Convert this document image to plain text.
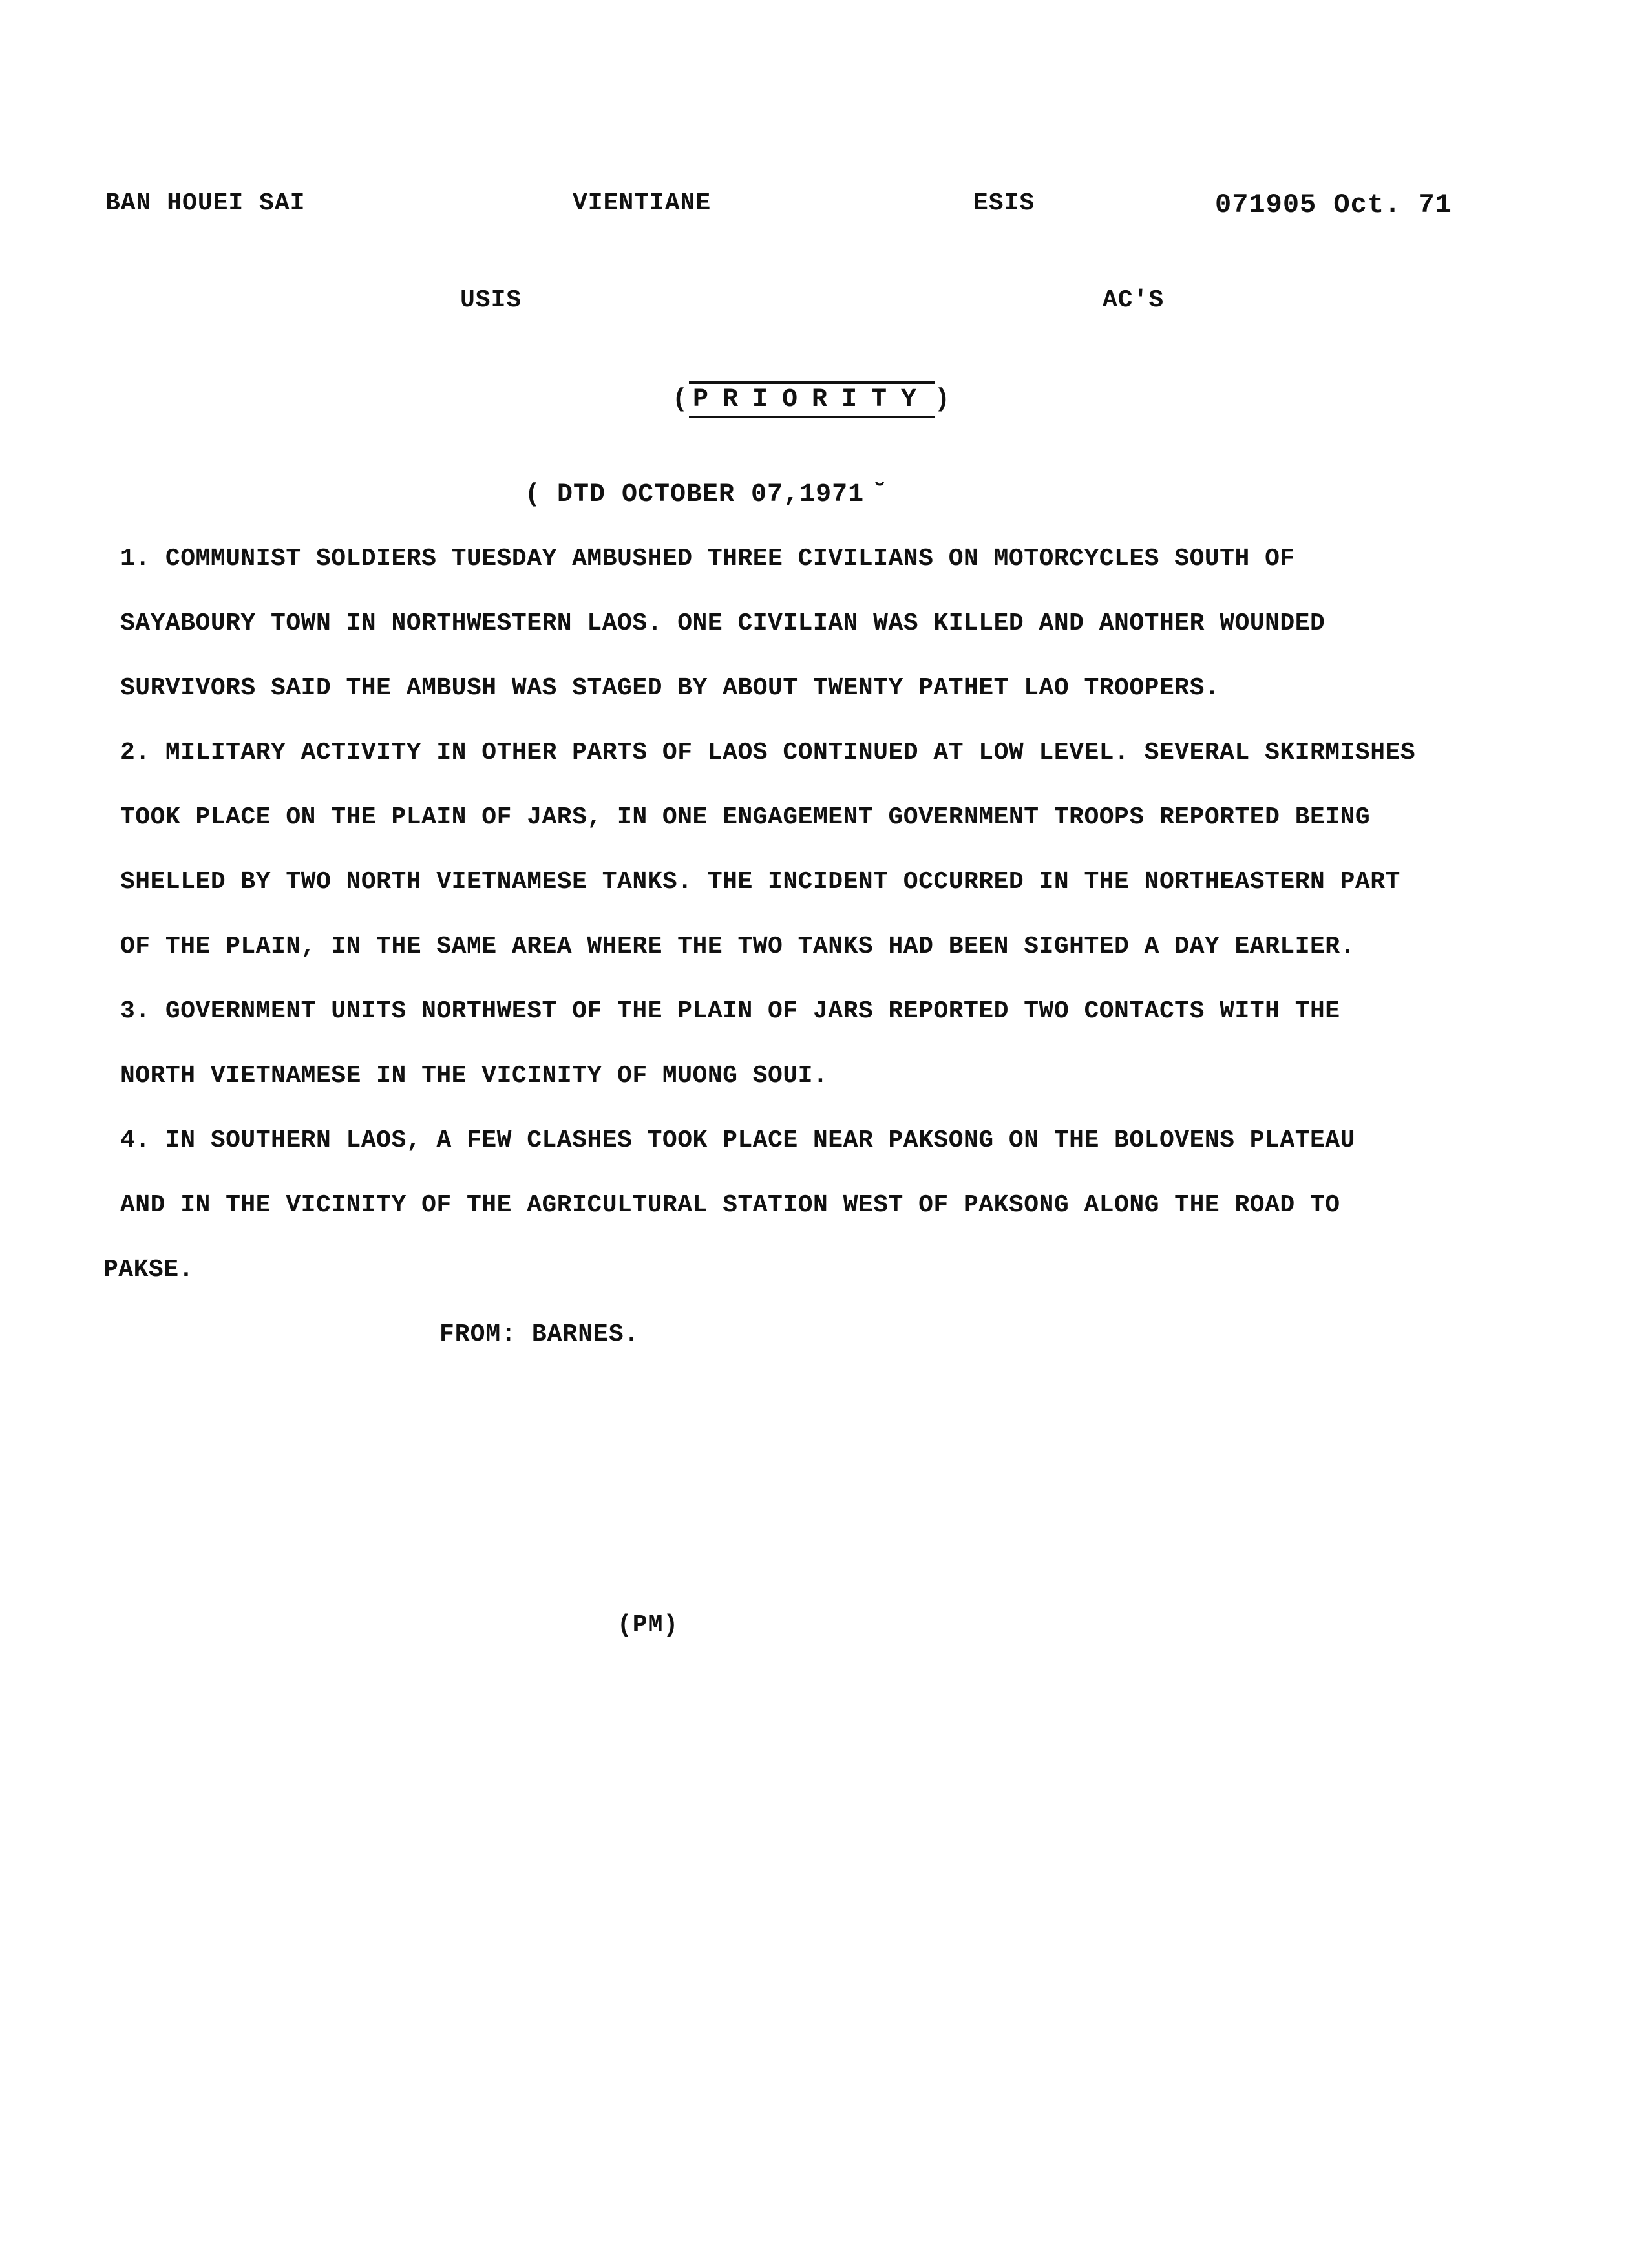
BAN HOUEI SAI	VIENTIANE	ESIS	071905 Oct. 71
USIS	AC'S
( PRIORITY )
( DTD OCTOBER 07,1971 ̆
1. COMMUNIST SOLDIERS TUESDAY AMBUSHED THREE CIVILIANS ON MOTORCYCLES SOUTH OF
SAYABOURY TOWN IN NORTHWESTERN LAOS. ONE CIVILIAN WAS KILLED AND ANOTHER WOUNDED
SURVIVORS SAID THE AMBUSH WAS STAGED BY ABOUT TWENTY PATHET LAO TROOPERS.
2. MILITARY ACTIVITY IN OTHER PARTS OF LAOS CONTINUED AT LOW LEVEL. SEVERAL SKIRMISHES
TOOK PLACE ON THE PLAIN OF JARS, IN ONE ENGAGEMENT GOVERNMENT TROOPS REPORTED BEING
SHELLED BY TWO NORTH VIETNAMESE TANKS. THE INCIDENT OCCURRED IN THE NORTHEASTERN PART
OF THE PLAIN, IN THE SAME AREA WHERE THE TWO TANKS HAD BEEN SIGHTED A DAY EARLIER.
3. GOVERNMENT UNITS NORTHWEST OF THE PLAIN OF JARS REPORTED TWO CONTACTS WITH THE
NORTH VIETNAMESE IN THE VICINITY OF MUONG SOUI.
4. IN SOUTHERN LAOS, A FEW CLASHES TOOK PLACE NEAR PAKSONG ON THE BOLOVENS PLATEAU
AND IN THE VICINITY OF THE AGRICULTURAL STATION WEST OF PAKSONG ALONG THE ROAD TO
PAKSE.
FROM: BARNES.
(PM)
